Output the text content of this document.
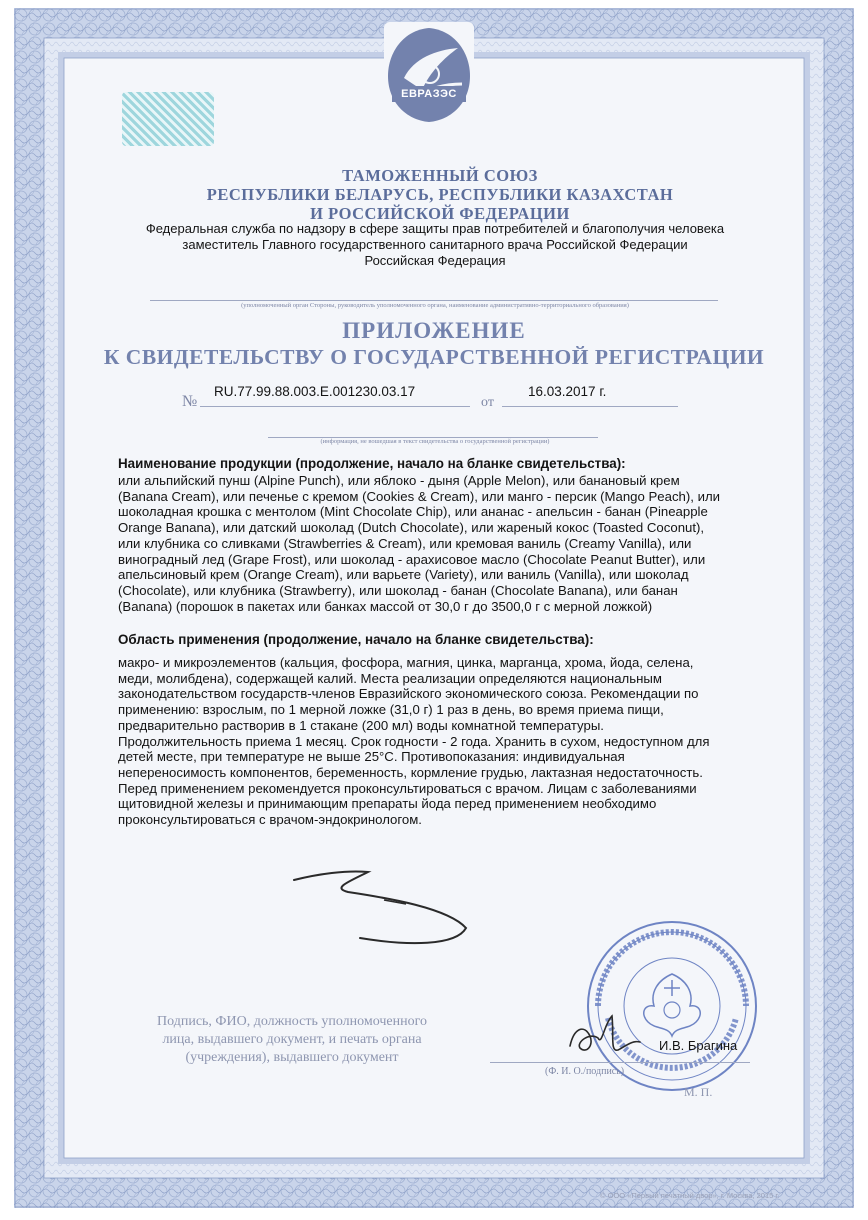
ЕВРАЗЭС
ТАМОЖЕННЫЙ СОЮЗ
РЕСПУБЛИКИ БЕЛАРУСЬ, РЕСПУБЛИКИ КАЗАХСТАН
И РОССИЙСКОЙ ФЕДЕРАЦИИ
Федеральная служба по надзору в сфере защиты прав потребителей и благополучия человека
заместитель Главного государственного санитарного врача Российской Федерации
Российская Федерация
(уполномоченный орган Стороны, руководитель уполномоченного органа, наименование административно-территориального образования)
ПРИЛОЖЕНИЕ
К СВИДЕТЕЛЬСТВУ О ГОСУДАРСТВЕННОЙ РЕГИСТРАЦИИ
№
RU.77.99.88.003.E.001230.03.17
от
16.03.2017 г.
(информация, не вошедшая в текст свидетельства о государственной регистрации)
Наименование продукции (продолжение, начало на бланке свидетельства):
или альпийский пунш (Alpine Punch), или яблоко - дыня (Apple Melon), или банановый крем
(Banana Cream), или печенье с кремом (Cookies & Cream), или манго - персик (Mango Peach), или
шоколадная крошка с ментолом (Mint Chocolate Chip), или ананас - апельсин - банан (Pineapple
Orange Banana), или датский шоколад (Dutch Chocolate), или жареный кокос (Toasted Coconut),
или клубника со сливками (Strawberries & Cream), или кремовая ваниль (Creamy Vanilla), или
виноградный лед (Grape Frost), или шоколад - арахисовое масло (Chocolate Peanut Butter), или
апельсиновый крем (Orange Cream), или варьете (Variety), или ваниль (Vanilla), или шоколад
(Chocolate), или клубника (Strawberry), или шоколад - банан (Chocolate Banana), или банан
(Banana) (порошок в пакетах или банках массой от 30,0 г до 3500,0 г с мерной ложкой)
Область применения (продолжение, начало на бланке свидетельства):
макро- и микроэлементов (кальция, фосфора, магния, цинка, марганца, хрома, йода, селена,
меди, молибдена), содержащей калий. Места реализации определяются национальным
законодательством государств-членов Евразийского экономического союза. Рекомендации по
применению: взрослым, по 1 мерной ложке (31,0 г) 1 раз в день, во время приема пищи,
предварительно растворив в 1 стакане (200 мл) воды комнатной температуры.
Продолжительность приема 1 месяц. Срок годности - 2 года. Хранить в сухом, недоступном для
детей месте, при температуре не выше 25°С. Противопоказания: индивидуальная
непереносимость компонентов, беременность, кормление грудью, лактазная недостаточность.
Перед применением рекомендуется проконсультироваться с врачом. Лицам с заболеваниями
щитовидной железы и принимающим препараты йода перед применением необходимо
проконсультироваться с врачом-эндокринологом.
Подпись, ФИО, должность уполномоченного
лица, выдавшего документ, и печать органа
(учреждения), выдавшего документ
И.В. Брагина
(Ф. И. О./подпись)
М. П.
© ООО «Первый печатный двор», г. Москва, 2015 г.
